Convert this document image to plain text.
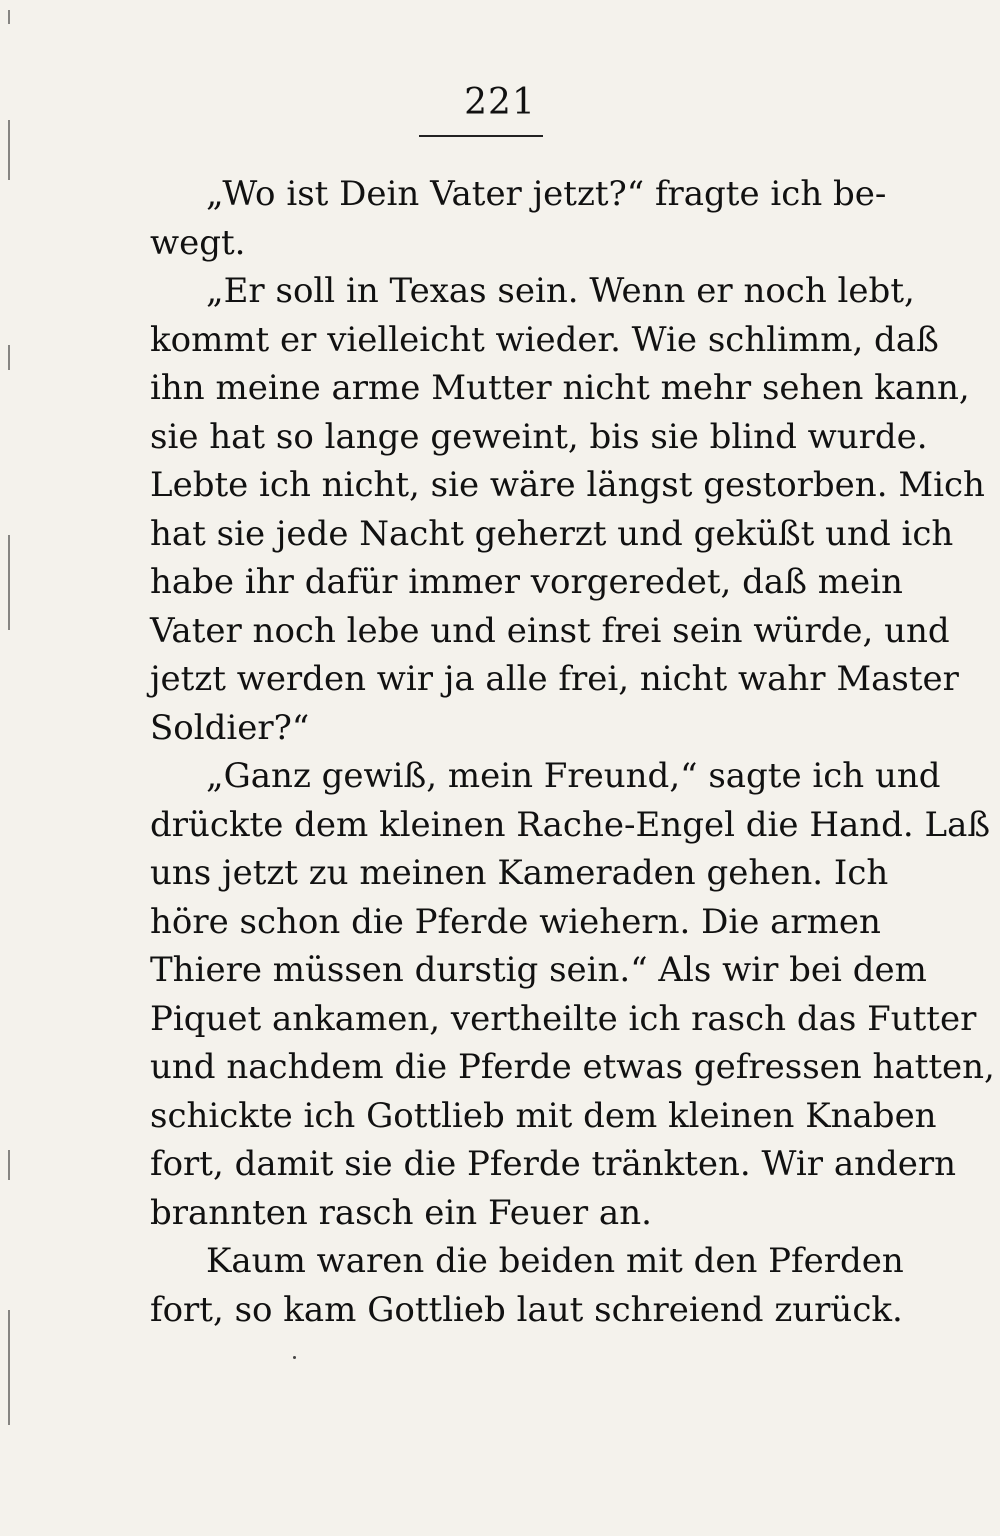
221
„Wo ist Dein Vater jetzt?“ fragte ich be-
wegt.
„Er soll in Texas sein. Wenn er noch lebt,
kommt er vielleicht wieder. Wie schlimm, daß
ihn meine arme Mutter nicht mehr sehen kann,
sie hat so lange geweint, bis sie blind wurde.
Lebte ich nicht, sie wäre längst gestorben. Mich
hat sie jede Nacht geherzt und geküßt und ich
habe ihr dafür immer vorgeredet, daß mein
Vater noch lebe und einst frei sein würde, und
jetzt werden wir ja alle frei, nicht wahr Master
Soldier?“
„Ganz gewiß, mein Freund,“ sagte ich und
drückte dem kleinen Rache-Engel die Hand. Laß
uns jetzt zu meinen Kameraden gehen. Ich
höre schon die Pferde wiehern. Die armen
Thiere müssen durstig sein.“ Als wir bei dem
Piquet ankamen, vertheilte ich rasch das Futter
und nachdem die Pferde etwas gefressen hatten,
schickte ich Gottlieb mit dem kleinen Knaben
fort, damit sie die Pferde tränkten. Wir andern
brannten rasch ein Feuer an.
Kaum waren die beiden mit den Pferden
fort, so kam Gottlieb laut schreiend zurück.
